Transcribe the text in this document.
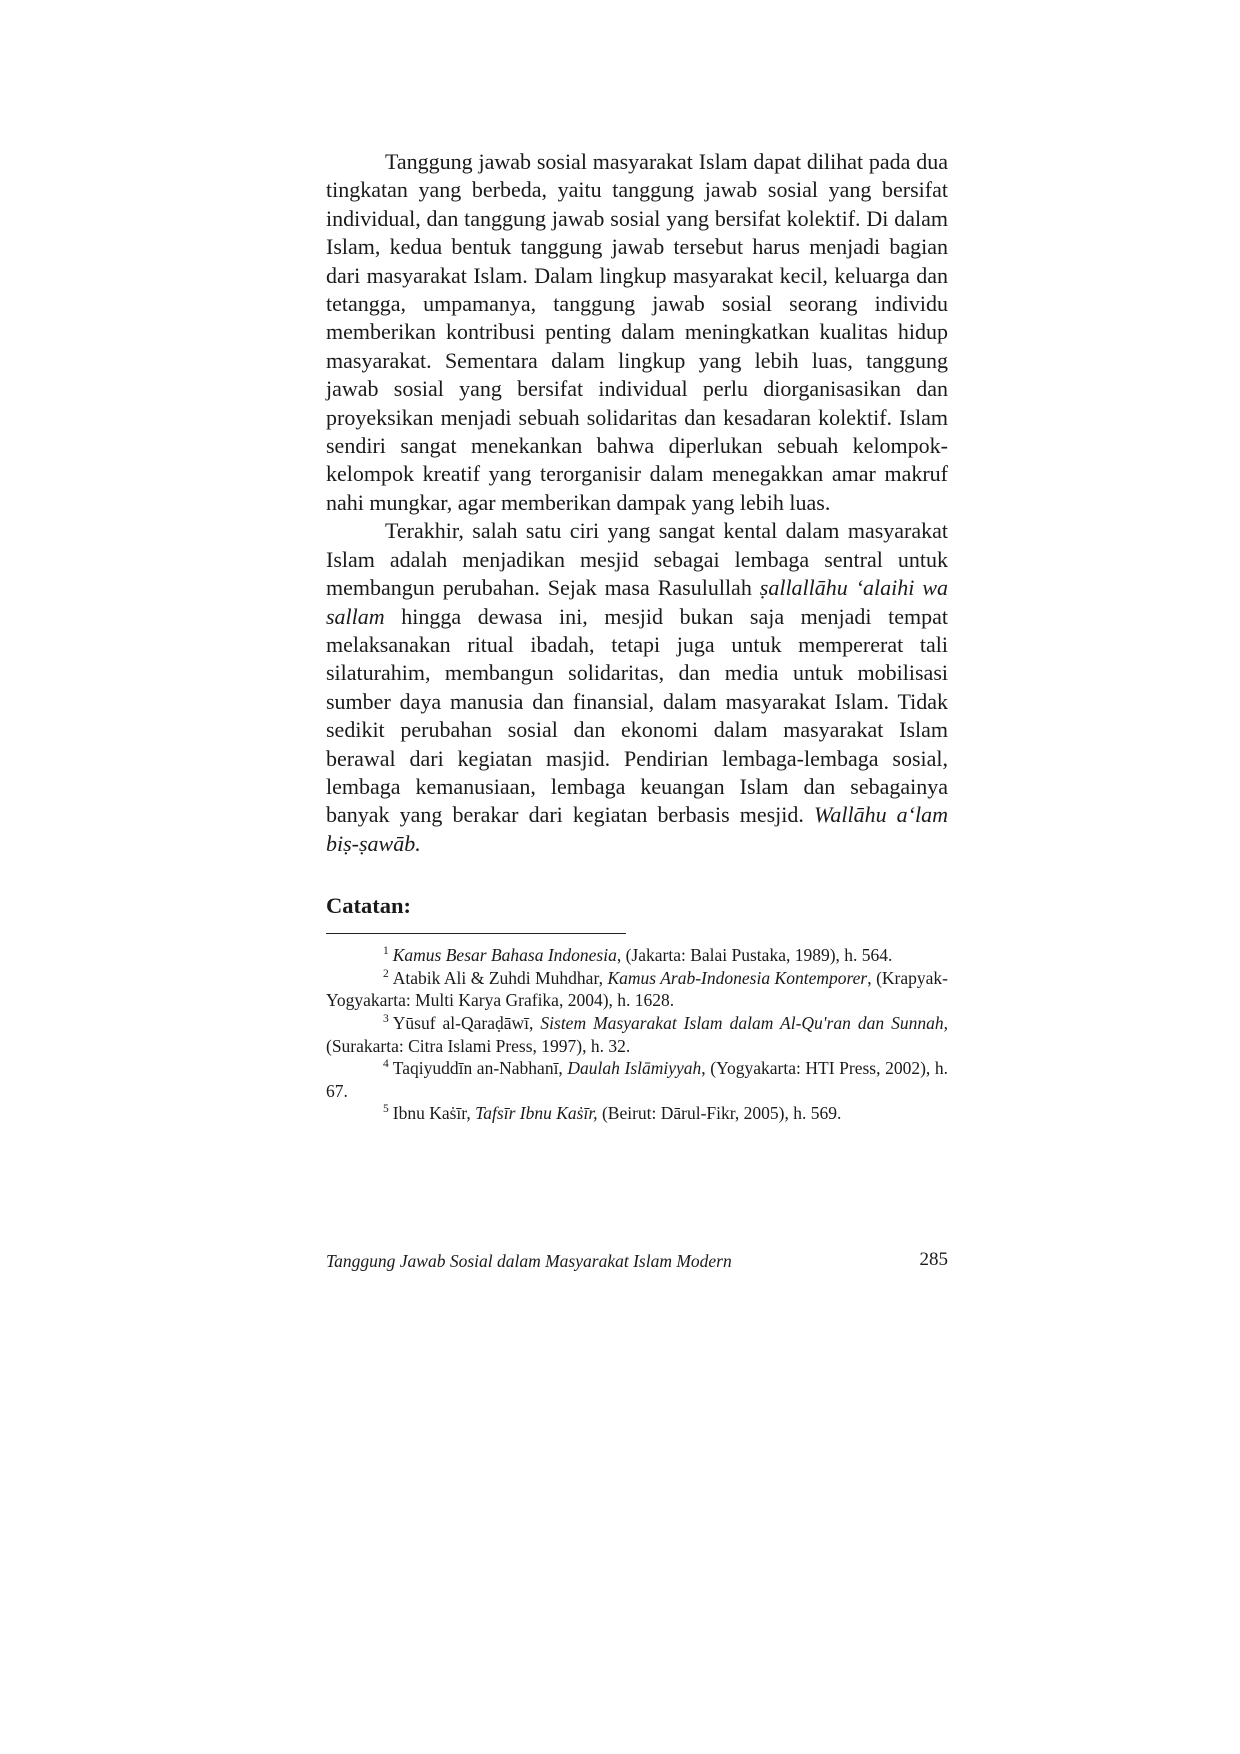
Tanggung jawab sosial masyarakat Islam dapat dilihat pada dua tingkatan yang berbeda, yaitu tanggung jawab sosial yang bersifat individual, dan tanggung jawab sosial yang bersifat kolektif. Di dalam Islam, kedua bentuk tanggung jawab tersebut harus menjadi bagian dari masyarakat Islam. Dalam lingkup masyarakat kecil, keluarga dan tetangga, umpamanya, tanggung jawab sosial seorang individu memberikan kontribusi penting dalam meningkatkan kualitas hidup masyarakat. Sementara dalam lingkup yang lebih luas, tanggung jawab sosial yang bersifat individual perlu diorganisasikan dan proyeksikan menjadi sebuah solidaritas dan kesadaran kolektif. Islam sendiri sangat menekankan bahwa diperlukan sebuah kelompok-kelompok kreatif yang terorganisir dalam menegakkan amar makruf nahi mungkar, agar memberikan dampak yang lebih luas.

Terakhir, salah satu ciri yang sangat kental dalam masyarakat Islam adalah menjadikan mesjid sebagai lembaga sentral untuk membangun perubahan. Sejak masa Rasulullah ṣallallāhu ʻalaihi wa sallam hingga dewasa ini, mesjid bukan saja menjadi tempat melaksanakan ritual ibadah, tetapi juga untuk mempererat tali silaturahim, membangun solidaritas, dan media untuk mobilisasi sumber daya manusia dan finansial, dalam masyarakat Islam. Tidak sedikit perubahan sosial dan ekonomi dalam masyarakat Islam berawal dari kegiatan masjid. Pendirian lembaga-lembaga sosial, lembaga kemanusiaan, lembaga keuangan Islam dan sebagainya banyak yang berakar dari kegiatan berbasis mesjid. Wallāhu aʻlam biṣ-ṣawāb.

Catatan:

$^1$ Kamus Besar Bahasa Indonesia, (Jakarta: Balai Pustaka, 1989), h. 564.

$^2$ Atabik Ali & Zuhdi Muhdhar, Kamus Arab-Indonesia Kontemporer, (Krapyak-Yogyakarta: Multi Karya Grafika, 2004), h. 1628.

$^3$ Yūsuf al-Qaraḍāwī, Sistem Masyarakat Islam dalam Al-Qu'ran dan Sunnah, (Surakarta: Citra Islami Press, 1997), h. 32.

$^4$ Taqiyuddīn an-Nabhanī, Daulah Islāmiyyah, (Yogyakarta: HTI Press, 2002), h. 67.

$^5$ Ibnu Kaṡīr, Tafsīr Ibnu Kaṡīr, (Beirut: Dārul-Fikr, 2005), h. 569.

Tanggung Jawab Sosial dalam Masyarakat Islam Modern	285
